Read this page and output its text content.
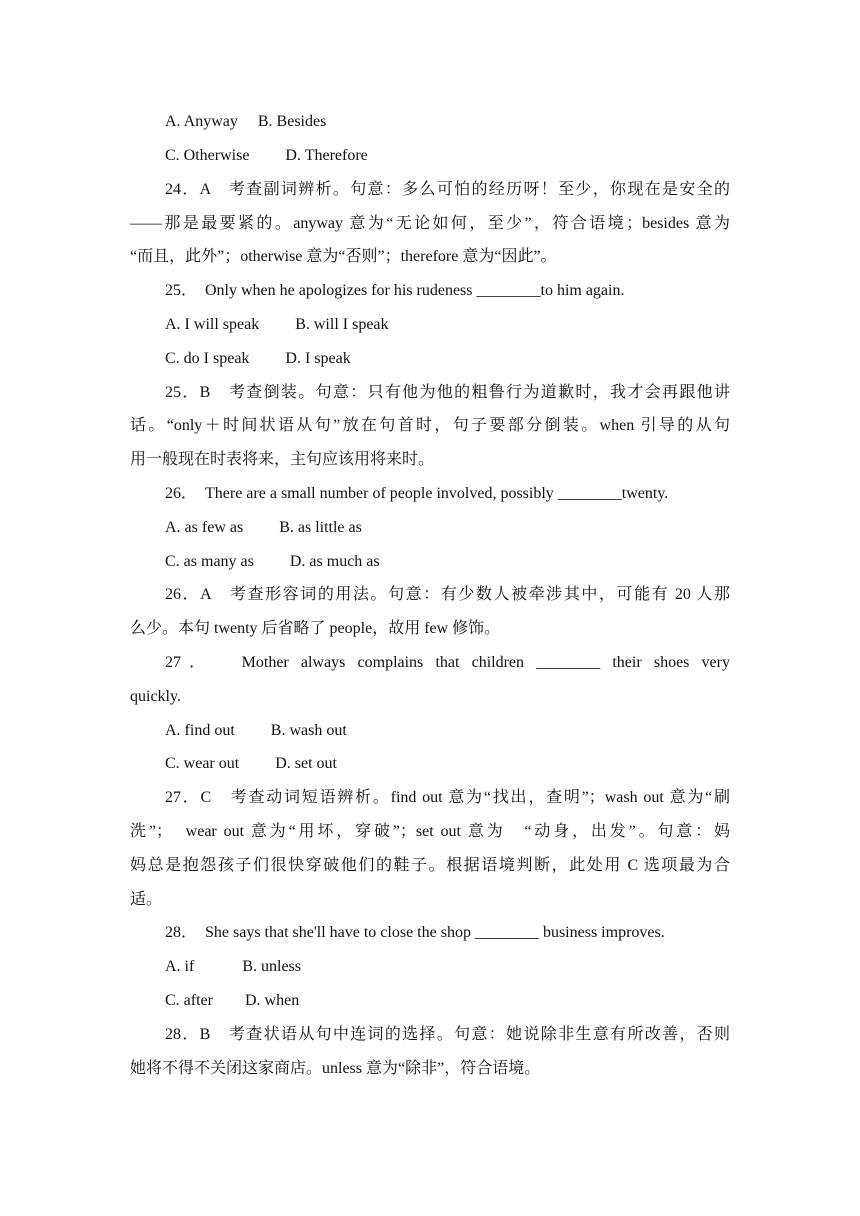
A. Anyway　 B. Besides
C. Otherwise　 　D. Therefore
24．A　考查副词辨析。句意：多么可怕的经历呀！至少，你现在是安全的
——那是最要紧的。anyway 意为“无论如何，至少”，符合语境；besides 意为
“而且，此外”；otherwise 意为“否则”；therefore 意为“因此”。
25．　Only when he apologizes for his rudeness ________to him again.
A. I will speak　 　B. will I speak
C. do I speak　 　D. I speak
25．B　考查倒装。句意：只有他为他的粗鲁行为道歉时，我才会再跟他讲
话。“only＋时间状语从句”放在句首时，句子要部分倒装。when 引导的从句
用一般现在时表将来，主句应该用将来时。
26．　There are a small number of people involved, possibly ________twenty.
A. as few as　　 B. as little as
C. as many as　 　D. as much as
26．A　考查形容词的用法。句意：有少数人被牵涉其中，可能有 20 人那
么少。本句 twenty 后省略了 people，故用 few 修饰。
27．　 Mother always complains that children ________ their shoes very
quickly.
A. find out　　 B. wash out
C. wear out　 　D. set out
27．C　考查动词短语辨析。find out 意为“找出，查明”；wash out 意为“刷
洗”；　wear out 意为“用坏，穿破”；set out 意为　“动身，出发”。句意：妈
妈总是抱怨孩子们很快穿破他们的鞋子。根据语境判断，此处用 C 选项最为合
适。
28．　She says that she'll have to close the shop ________ business improves.
A. if　　　B. unless
C. after　　D. when
28．B　考查状语从句中连词的选择。句意：她说除非生意有所改善，否则
她将不得不关闭这家商店。unless 意为“除非”，符合语境。
